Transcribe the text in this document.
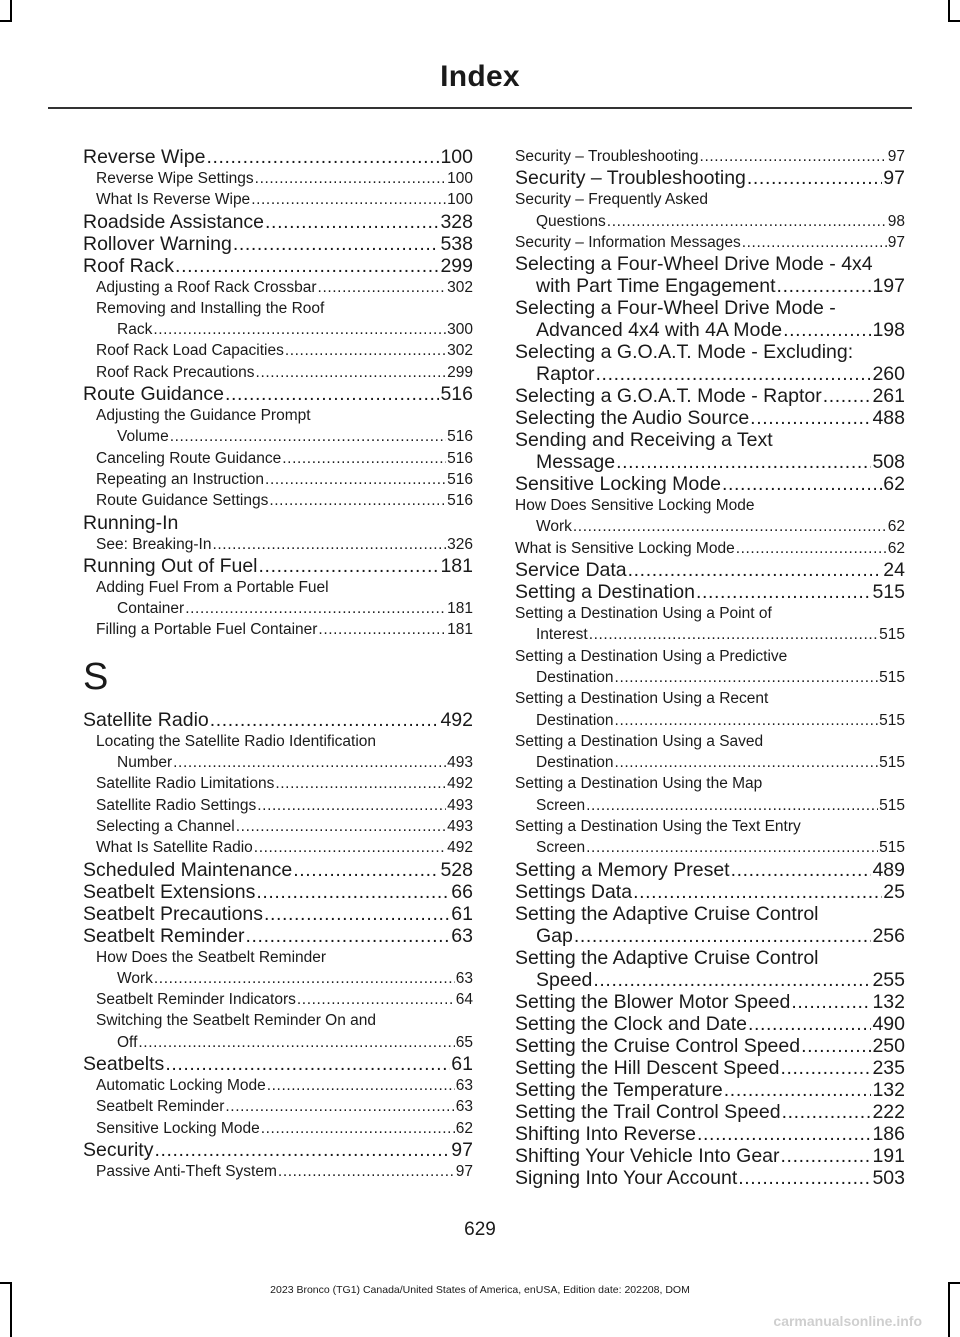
Index
Reverse Wipe .....	100
Reverse Wipe Settings .....	100
What Is Reverse Wipe .....	100
Roadside Assistance .....	328
Rollover Warning .....	538
Roof Rack .....	299
Adjusting a Roof Rack Crossbar .....	302
Removing and Installing the Roof
Rack .....	300
Roof Rack Load Capacities .....	302
Roof Rack Precautions .....	299
Route Guidance .....	516
Adjusting the Guidance Prompt
Volume .....	516
Canceling Route Guidance .....	516
Repeating an Instruction .....	516
Route Guidance Settings .....	516
Running-In
See: Breaking-In .....	326
Running Out of Fuel .....	181
Adding Fuel From a Portable Fuel
Container .....	181
Filling a Portable Fuel Container .....	181
S
Satellite Radio .....	492
Locating the Satellite Radio Identification
Number .....	493
Satellite Radio Limitations .....	492
Satellite Radio Settings .....	493
Selecting a Channel .....	493
What Is Satellite Radio .....	492
Scheduled Maintenance .....	528
Seatbelt Extensions .....	66
Seatbelt Precautions .....	61
Seatbelt Reminder .....	63
How Does the Seatbelt Reminder
Work .....	63
Seatbelt Reminder Indicators .....	64
Switching the Seatbelt Reminder On and
Off .....	65
Seatbelts .....	61
Automatic Locking Mode .....	63
Seatbelt Reminder .....	63
Sensitive Locking Mode .....	62
Security .....	97
Passive Anti-Theft System .....	97
Security – Troubleshooting .....	97
Security – Troubleshooting .....	97
Security – Frequently Asked
Questions .....	98
Security – Information Messages .....	97
Selecting a Four-Wheel Drive Mode - 4x4
with Part Time Engagement .....	197
Selecting a Four-Wheel Drive Mode -
Advanced 4x4 with 4A Mode .....	198
Selecting a G.O.A.T. Mode - Excluding:
Raptor .....	260
Selecting a G.O.A.T. Mode - Raptor .....	261
Selecting the Audio Source .....	488
Sending and Receiving a Text
Message .....	508
Sensitive Locking Mode .....	62
How Does Sensitive Locking Mode
Work .....	62
What is Sensitive Locking Mode .....	62
Service Data .....	24
Setting a Destination .....	515
Setting a Destination Using a Point of
Interest .....	515
Setting a Destination Using a Predictive
Destination .....	515
Setting a Destination Using a Recent
Destination .....	515
Setting a Destination Using a Saved
Destination .....	515
Setting a Destination Using the Map
Screen .....	515
Setting a Destination Using the Text Entry
Screen .....	515
Setting a Memory Preset .....	489
Settings Data .....	25
Setting the Adaptive Cruise Control
Gap .....	256
Setting the Adaptive Cruise Control
Speed .....	255
Setting the Blower Motor Speed .....	132
Setting the Clock and Date .....	490
Setting the Cruise Control Speed .....	250
Setting the Hill Descent Speed .....	235
Setting the Temperature .....	132
Setting the Trail Control Speed .....	222
Shifting Into Reverse .....	186
Shifting Your Vehicle Into Gear .....	191
Signing Into Your Account .....	503
629
2023 Bronco (TG1) Canada/United States of America, enUSA, Edition date: 202208, DOM
carmanualsonline.info
